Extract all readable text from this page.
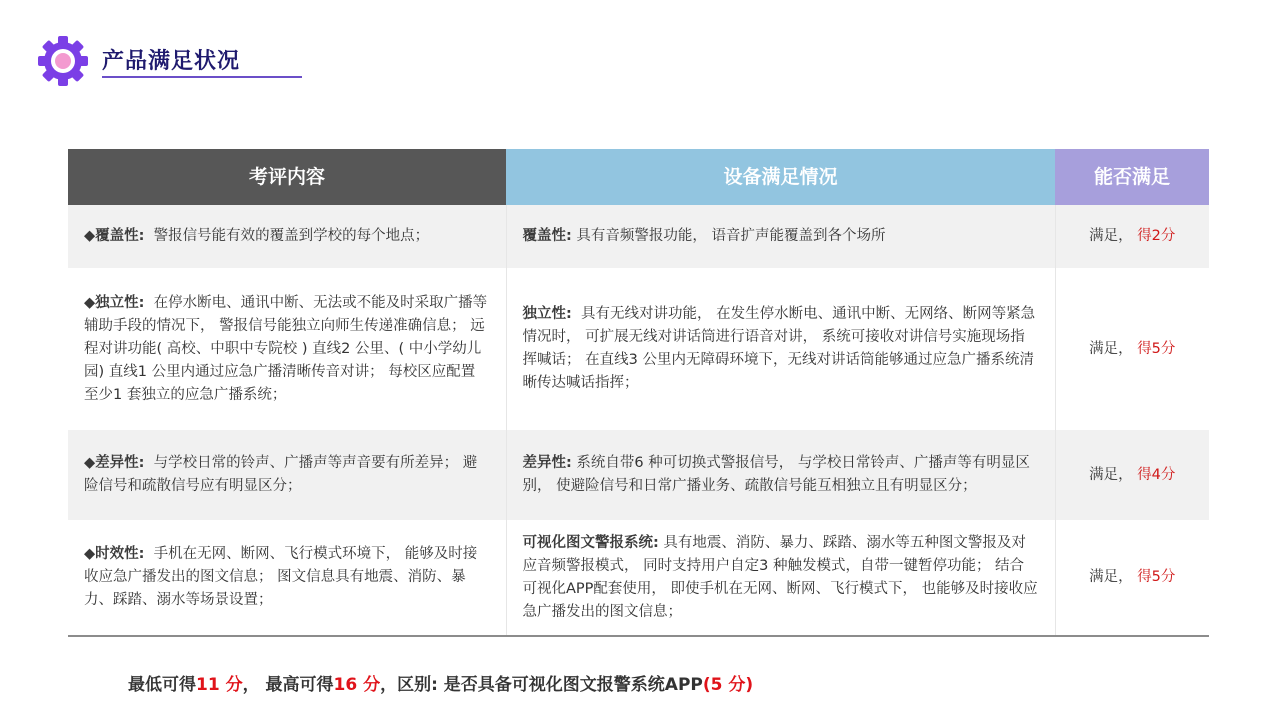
产品满足状况
考评内容	设备满足情况	能否满足
◆覆盖性: 警报信号能有效的覆盖到学校的每个地点；	覆盖性: 具有音频警报功能， 语音扩声能覆盖到各个场所	满足， 得2分
◆独立性: 在停水断电、通讯中断、无法或不能及时采取广播等辅助手段的情况下， 警报信号能独立向师生传递准确信息； 远程对讲功能( 高校、中职中专院校 ) 直线2 公里、( 中小学幼儿园) 直线1 公里内通过应急广播清晰传音对讲； 每校区应配置至少1 套独立的应急广播系统；	独立性: 具有无线对讲功能， 在发生停水断电、通讯中断、无网络、断网等紧急情况时， 可扩展无线对讲话筒进行语音对讲， 系统可接收对讲信号实施现场指挥喊话； 在直线3 公里内无障碍环境下，无线对讲话筒能够通过应急广播系统清晰传达喊话指挥；	满足， 得5分
◆差异性: 与学校日常的铃声、广播声等声音要有所差异； 避险信号和疏散信号应有明显区分；	差异性: 系统自带6 种可切换式警报信号， 与学校日常铃声、广播声等有明显区别， 使避险信号和日常广播业务、疏散信号能互相独立且有明显区分；	满足， 得4分
◆时效性: 手机在无网、断网、飞行模式环境下， 能够及时接收应急广播发出的图文信息； 图文信息具有地震、消防、暴力、踩踏、溺水等场景设置；	可视化图文警报系统: 具有地震、消防、暴力、踩踏、溺水等五种图文警报及对应音频警报模式， 同时支持用户自定3 种触发模式，自带一键暂停功能； 结合可视化APP配套使用， 即使手机在无网、断网、飞行模式下， 也能够及时接收应急广播发出的图文信息；	满足， 得5分
最低可得11 分， 最高可得16 分，区别: 是否具备可视化图文报警系统APP(5 分)
